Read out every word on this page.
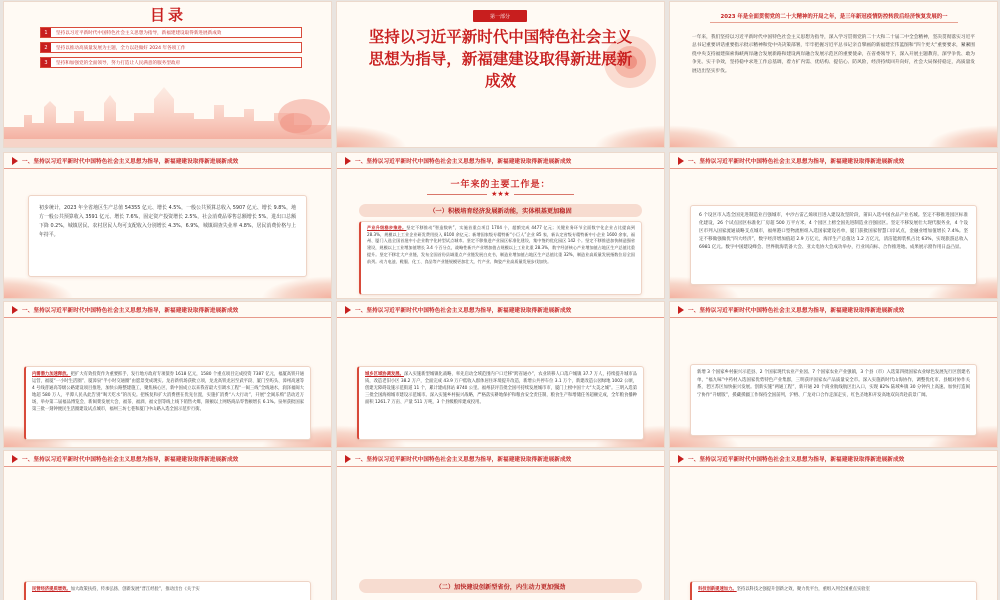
目录
1	坚持以习近平新时代中国特色社会主义思想为指导，新福建建设取得新进展新成效
2	坚持以推动高质量发展为主题，全力以赴做好 2024 年各项工作
3	坚持和加强党的全面领导，努力打造让人民满意的服务型政府
第一部分
坚持以习近平新时代中国特色社会主义思想为指导，新福建建设取得新进展新成效
2023 年是全面贯彻党的二十大精神的开局之年，是三年新冠疫情防控转段后经济恢复发展的一
一年来，我们坚持以习近平新时代中国特色社会主义思想为指导，深入学习贯彻党的二十大和二十届二中全会精神，坚决贯彻落实习近平总书记重要讲话重要指示批示精神和党中央决策部署，牢牢把握习近平总书记亲自擘画的新福建宏伟蓝图和“四个更大”重要要求，紧紧围绕中央支持福建探索海峡两岸融合发展新路和建设两岸融合发展示范区的重要使命，在省委领导下，深入开展主题教育，深学争优、敢为争先、实干争效，坚持稳中求进工作总基调，着力扩内需、优结构、提信心、防风险，经济持续回升向好，社会大局保持稳定，高质量发展迈出坚实步伐。
一、坚持以习近平新时代中国特色社会主义思想为指导，新福建建设取得新进展新成效
初步统计，2023 年全省地区生产总值 54355 亿元、增长 4.5%，一般公共预算总收入 5907 亿元、增长 9.8%，地方一般公共预算收入 3591 亿元、增长 7.6%，固定资产投资增长 2.5%，社会消费品零售总额增长 5%，进出口总额下降 0.2%，城镇居民、农村居民人均可支配收入分别增长 4.3%、6.9%，城镇调查失业率 4.8%，居民消费价格与上年持平。
一、坚持以习近平新时代中国特色社会主义思想为指导，新福建建设取得新进展新成效
一年来的主要工作是：
★★★
（一）积极培育经济发展新动能，实体根基更加稳固
产业升级稳步推进。坚定不移推动“智造数转”，实施首重点项目 1704 个，超额完成 4477 亿元；关键业务环节全面数字化企业占比提高到 28.3%，规模以上工业企业研发费用投入 8100 余亿元；新增国家级专精特新“小巨人”企业 85 家，新认定省级专精特新中小企业 1600 余家，福州、厦门入选全国首批中小企业数字化转型试点城市。坚定不移推进产业园区标准化建设，集中签约优化园区 142 个。坚定不移推进加快制造强省建设，规模以上工业增加值增长 3.4 个百分点，战略性新兴产业增加值占规模以上工业比重 28.3%，数字经济核心产业增加值占地区生产总值比重提升。坚定不移壮大产业链，发布全国首份县域重点产业链发展白皮书，制造业增加值占地区生产总值比重 32%，制造业高质量发展指数位居全国前列。动力电池、鞋服、化工、食品等产业链规模更加壮大，竹产业、陶瓷产业高质量发展步伐加快。
一、坚持以习近平新时代中国特色社会主义思想为指导，新福建建设取得新进展新成效
6 个设区市入选全国先进制造业百强城市，中沙古雷乙烯项目进入建设攻坚阶段，莆田入选中国食品产业名城。坚定不移推进园区标准化建设，26 个试点园区标准化厂房超 500 万平方米，4 个园区上榜全国先进制造业百强园区。坚定不移发展壮大现代服务业，4 个设区市列入国家流通战略支点城市，福州港口型物流枢纽入选国家建设名单，厦门获批国家智慧口岸试点，金融业增加值增长 7.4%。坚定不移做强做优“四大经济”，数字经济增加值超 2.9 万亿元，海洋生产总值达 1.2 万亿元，清洁能源装机占比 63%，实现旅游总收入 6981 亿元。数字中国建设峰会、世界航海装备大会、亚太电协大会成功举办，行业风向标、合作推进地、成果展示窗作用日益凸显。
一、坚持以习近平新时代中国特色社会主义思想为指导，新福建建设取得新进展新成效
内需潜力加速释放。把扩大有效投资作为重要抓手，发行地方政府专项债券 1618 亿元，1580 个重点项目完成投资 7387 亿元，福厦高铁开通运营，福厦“一小时生活圈”、厦漳泉“半小时交通圈”由愿景变成现实。龙岩新机场获批立项，龙龙高铁龙岩至武平段、厦门至屿头、漳州高速等 4 号线普通高等级公路建设项目推进，加快公路整建施工，聚焦核心区、新中国成立以来我省最大引调水工程“一闽三线”全线通水，润泽福闽大地超 580 万人，平潭人民从此告别“喝天吃水”的历史。把恢复和扩大消费摆在优先位置，实施扩消费“八大行动”，开展“全闽乐购”活动近万场，举办第二届福品博览会、新闽菜发展大会，福茶、福酒、福文创等线上线下销售火爆，限额以上网络商品零售额增长 6.1%。泉州获批国家第三批一刻钟便民生活圈建设试点城市，福州三坊七巷和厦门中山路入选全国示范步行街。
一、坚持以习近平新时代中国特色社会主义思想为指导，新福建建设取得新进展新成效
城乡区域协调发展。深入实施新型城镇化战略，率先启动全域范围内户口迁移“跨省通办”，农业转移人口落户城镇 37.7 万人，持续提升城市品质，改造老旧小区 38.2 万户，全面完成 43.9 万户低收入群体居住环境提升改造，新增公共停车位 3.1 万个，新建改造公园绿地 1002 公顷，创建无障碍设施示范街道 11 个，累计建成驿站 8740 公里。福州获评首批全国可持续发展城市市，厦门上榜中国十大“大美之城”。三明入选第三批全国海绵城市建设示范城市。深入实施乡村振兴战略，严格落实耕地保护和粮食安全责任制，粮食生产和增储任务超额完成，全年粮食播种面积 1261.7 万亩、产量 511 万吨，3 个县级粮库建成投用。
一、坚持以习近平新时代中国特色社会主义思想为指导，新福建建设取得新进展新成效
新增 3 个国家乡村振兴示范县、2 个国家现代农业产业园、7 个国家农业产业强镇，3 个县（市）入选第四批国家农业绿色发展先行区创建名单，“福九味”中药材入选国家优势特色产业集群，三明获评国家农产品质量安全市。深入实施新时代山海协作，调整优化市、县级对协作关系，老区苏区加快振兴发展。创新实施“两通工程”，新开通 20 个商业航线航区出入口，实现 82% 陆域乡镇 30 分钟内上高速。加快打造闽宁协作“升级版”，援藏援疆工作保持全国前列，沪榕、广龙对口合作走深走实，红色圣地和开发高地双向奔赴前景广阔。
一、坚持以习近平新时代中国特色社会主义思想为指导，新福建建设取得新进展新成效
民营经济提质增效。加大政策扶持，传承弘扬、创新发展“晋江经验”，推动出台《关于实
一、坚持以习近平新时代中国特色社会主义思想为指导，新福建建设取得新进展新成效
（二）加快建设创新型省份，内生动力更加强劲
一、坚持以习近平新时代中国特色社会主义思想为指导，新福建建设取得新进展新成效
科技创新提速加力。坚持以科技之强提升创新之效，聚力优平台，重组入列全国重点实验室
